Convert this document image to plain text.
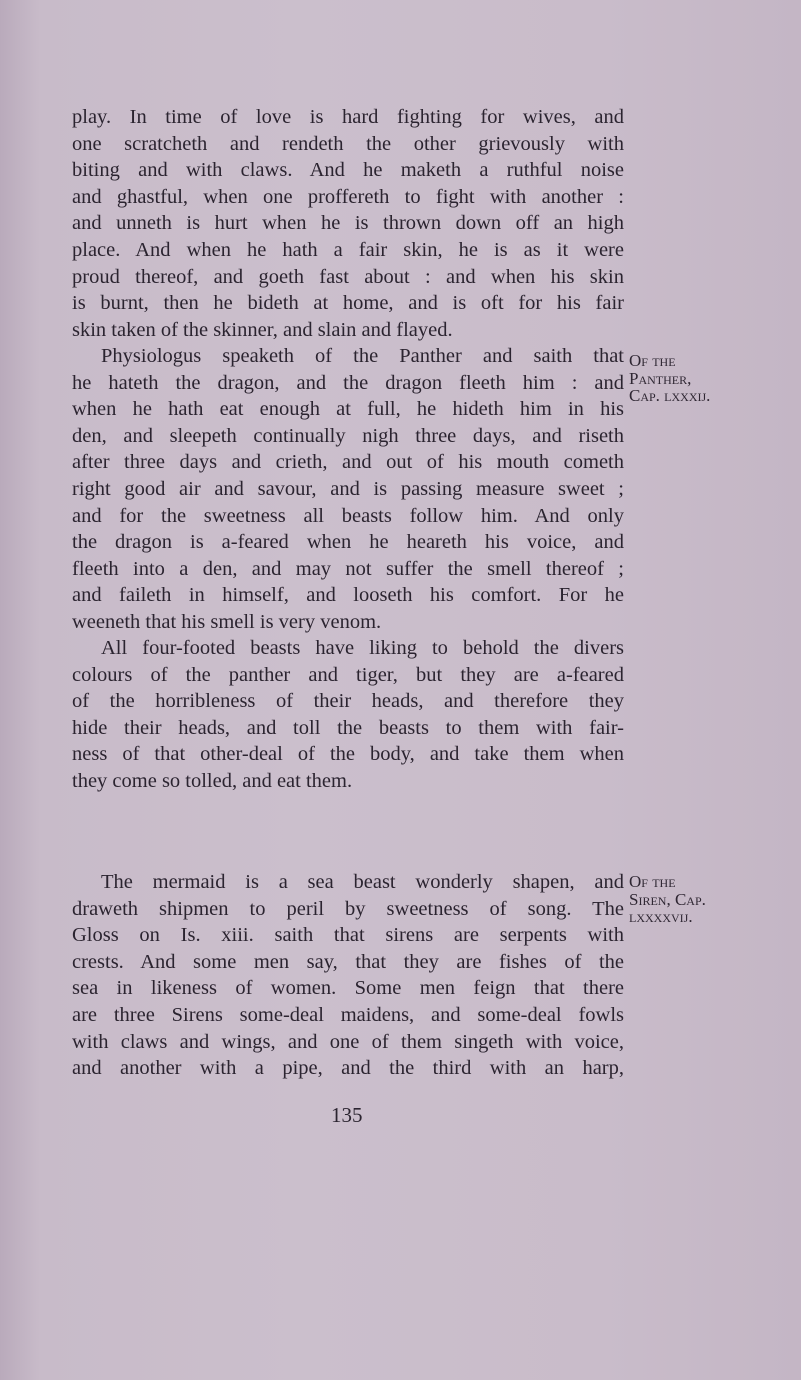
play. In time of love is hard fighting for wives, and
one scratcheth and rendeth the other grievously with
biting and with claws. And he maketh a ruthful noise
and ghastful, when one proffereth to fight with another :
and unneth is hurt when he is thrown down off an high
place. And when he hath a fair skin, he is as it were
proud thereof, and goeth fast about : and when his skin
is burnt, then he bideth at home, and is oft for his fair
skin taken of the skinner, and slain and flayed.
Physiologus speaketh of the Panther and saith that
he hateth the dragon, and the dragon fleeth him : and
when he hath eat enough at full, he hideth him in his
den, and sleepeth continually nigh three days, and riseth
after three days and crieth, and out of his mouth cometh
right good air and savour, and is passing measure sweet ;
and for the sweetness all beasts follow him. And only
the dragon is a-feared when he heareth his voice, and
fleeth into a den, and may not suffer the smell thereof ;
and faileth in himself, and looseth his comfort. For he
weeneth that his smell is very venom.
All four-footed beasts have liking to behold the divers
colours of the panther and tiger, but they are a-feared
of the horribleness of their heads, and therefore they
hide their heads, and toll the beasts to them with fair-
ness of that other-deal of the body, and take them when
they come so tolled, and eat them.
The mermaid is a sea beast wonderly shapen, and
draweth shipmen to peril by sweetness of song. The
Gloss on Is. xiii. saith that sirens are serpents with
crests. And some men say, that they are fishes of the
sea in likeness of women. Some men feign that there
are three Sirens some-deal maidens, and some-deal fowls
with claws and wings, and one of them singeth with voice,
and another with a pipe, and the third with an harp,
Of the
Panther,
Cap. lxxxij.
Of the
Siren, Cap.
lxxxxvij.
135
